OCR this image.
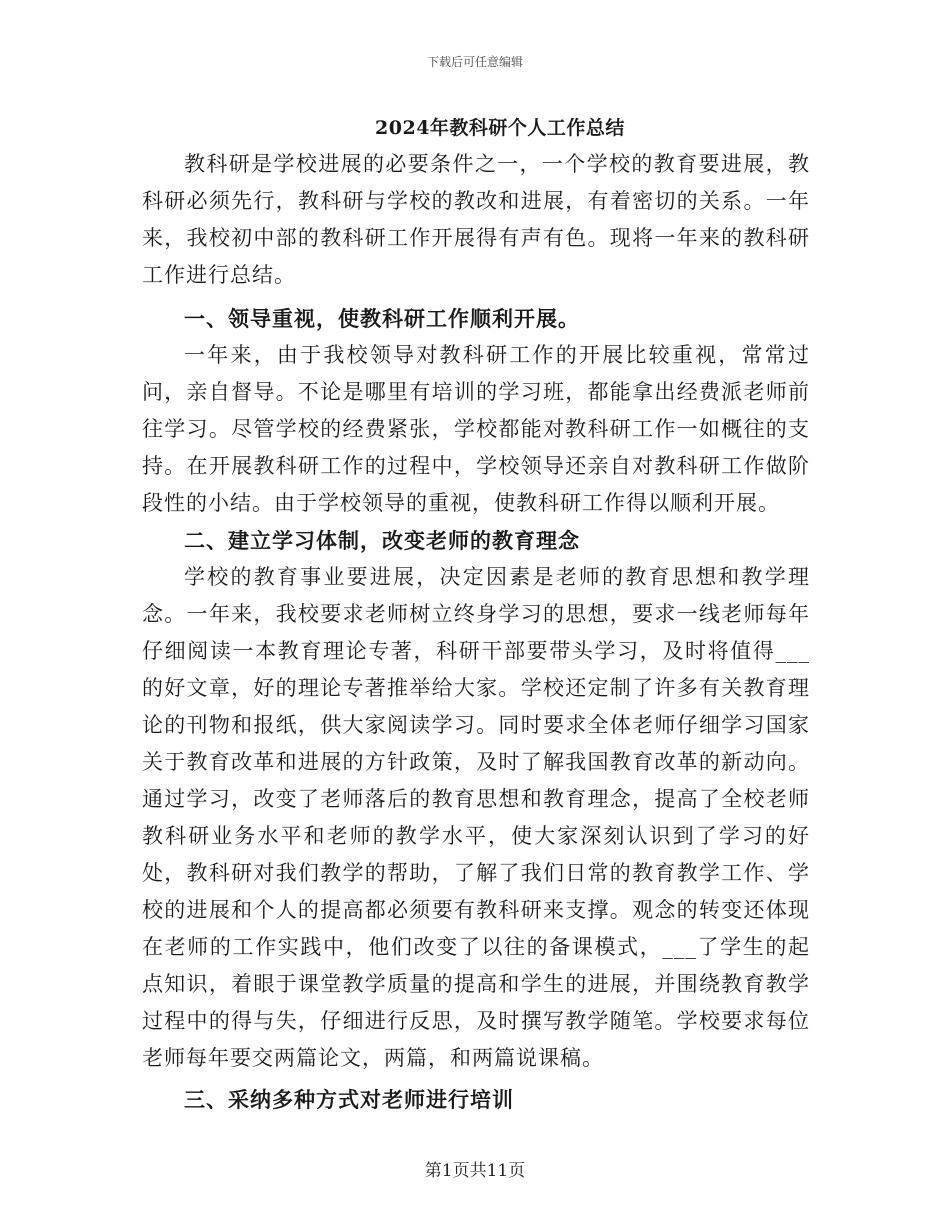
下载后可任意编辑
2024年教科研个人工作总结

教科研是学校进展的必要条件之一，一个学校的教育要进展，教科研必须先行，教科研与学校的教改和进展，有着密切的关系。一年来，我校初中部的教科研工作开展得有声有色。现将一年来的教科研工作进行总结。

一、领导重视，使教科研工作顺利开展。

一年来，由于我校领导对教科研工作的开展比较重视，常常过问，亲自督导。不论是哪里有培训的学习班，都能拿出经费派老师前往学习。尽管学校的经费紧张，学校都能对教科研工作一如概往的支持。在开展教科研工作的过程中，学校领导还亲自对教科研工作做阶段性的小结。由于学校领导的重视，使教科研工作得以顺利开展。

二、建立学习体制，改变老师的教育理念

学校的教育事业要进展，决定因素是老师的教育思想和教学理念。一年来，我校要求老师树立终身学习的思想，要求一线老师每年仔细阅读一本教育理论专著，科研干部要带头学习，及时将值得___的好文章，好的理论专著推举给大家。学校还定制了许多有关教育理论的刊物和报纸，供大家阅读学习。同时要求全体老师仔细学习国家关于教育改革和进展的方针政策，及时了解我国教育改革的新动向。通过学习，改变了老师落后的教育思想和教育理念，提高了全校老师教科研业务水平和老师的教学水平，使大家深刻认识到了学习的好处，教科研对我们教学的帮助，了解了我们日常的教育教学工作、学校的进展和个人的提高都必须要有教科研来支撑。观念的转变还体现在老师的工作实践中，他们改变了以往的备课模式，___了学生的起点知识，着眼于课堂教学质量的提高和学生的进展，并围绕教育教学过程中的得与失，仔细进行反思，及时撰写教学随笔。学校要求每位老师每年要交两篇论文，两篇，和两篇说课稿。

三、采纳多种方式对老师进行培训
第1页共11页
